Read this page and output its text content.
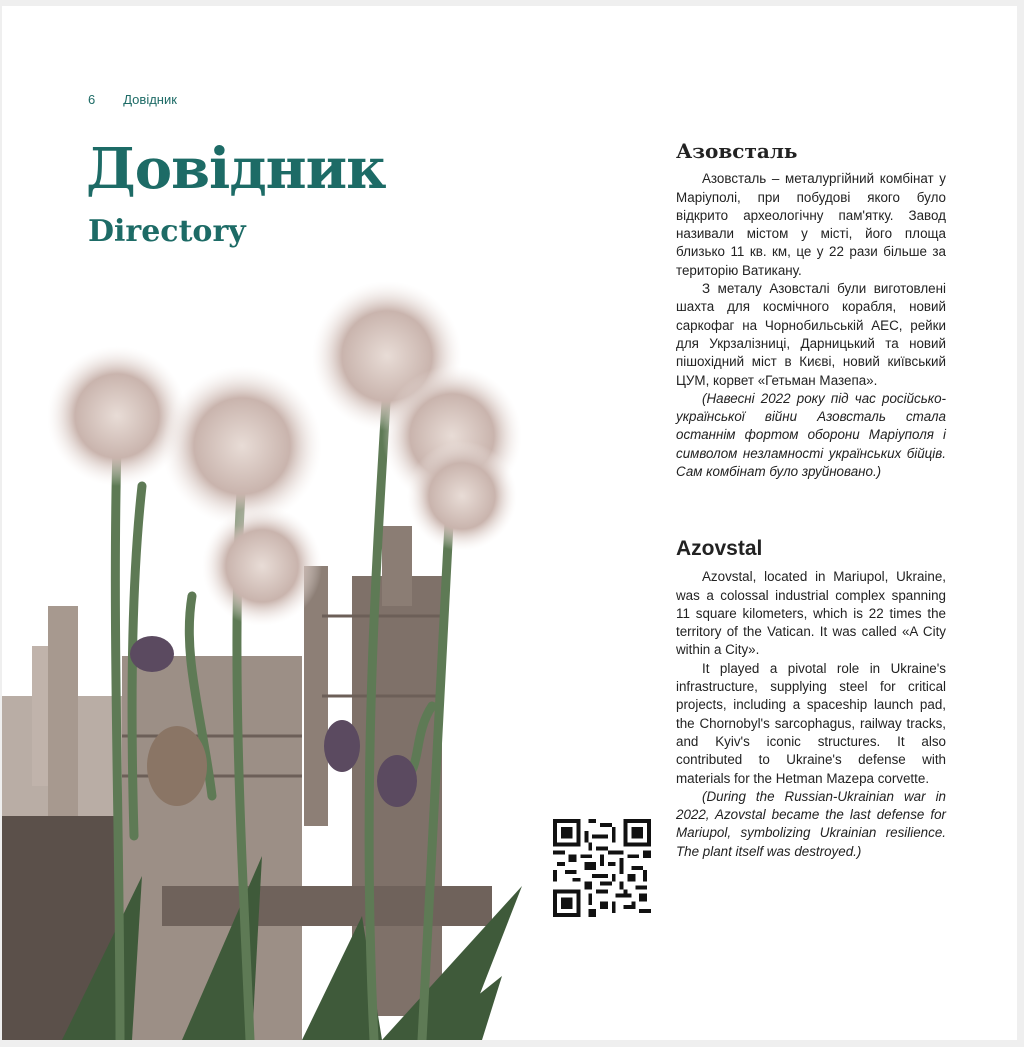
6 Довідник
Довідник
Directory
Азовсталь

Азовсталь – металургійний комбінат у Маріуполі, при побудові якого було відкрито археологічну пам'ятку. Завод називали містом у місті, його площа близько 11 кв. км, це у 22 рази більше за територію Ватикану.

З металу Азовсталі були виготовлені шахта для космічного корабля, новий саркофаг на Чорнобильській АЕС, рейки для Укрзалізниці, Дарницький та новий пішохідний міст в Києві, новий київський ЦУМ, корвет «Гетьман Мазепа».

(Навесні 2022 року під час російсько-української війни Азовсталь стала останнім фортом оборони Маріуполя і символом незламності українських бійців. Сам комбінат було зруйновано.)

Azovstal

Azovstal, located in Mariupol, Ukraine, was a colossal industrial complex spanning 11 square kilometers, which is 22 times the territory of the Vatican. It was called «A City within a City».

It played a pivotal role in Ukraine's infrastructure, supplying steel for critical projects, including a spaceship launch pad, the Chornobyl's sarcophagus, railway tracks, and Kyiv's iconic structures. It also contributed to Ukraine's defense with materials for the Hetman Mazepa corvette.

(During the Russian-Ukrainian war in 2022, Azovstal became the last defense for Mariupol, symbolizing Ukrainian resilience. The plant itself was destroyed.)
